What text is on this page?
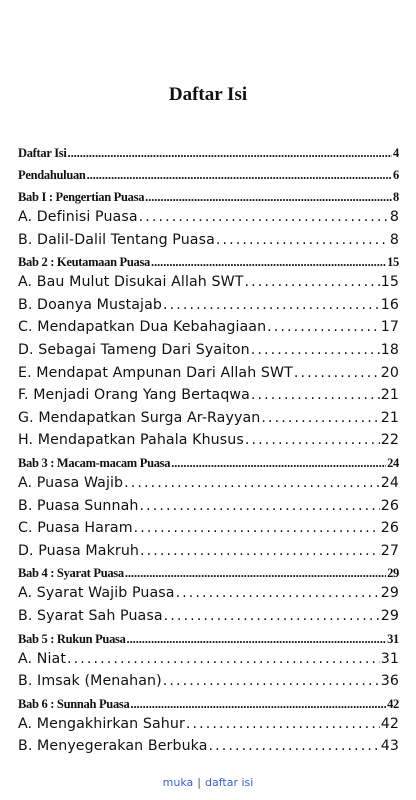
Daftar Isi
Daftar Isi . . .	4
Pendahuluan . . .	6
Bab I : Pengertian Puasa . . .	8
A. Definisi Puasa . . .	8
B. Dalil-Dalil Tentang Puasa . . .	8
Bab 2 : Keutamaan Puasa . . .	15
A. Bau Mulut Disukai Allah SWT . . .	15
B. Doanya Mustajab . . .	16
C. Mendapatkan Dua Kebahagiaan . . .	17
D. Sebagai Tameng Dari Syaiton . . .	18
E. Mendapat Ampunan Dari Allah SWT . . .	20
F. Menjadi Orang Yang Bertaqwa . . .	21
G. Mendapatkan Surga Ar-Rayyan . . .	21
H. Mendapatkan Pahala Khusus . . .	22
Bab 3 : Macam-macam Puasa . . .	24
A. Puasa Wajib . . .	24
B. Puasa Sunnah . . .	26
C. Puasa Haram . . .	26
D. Puasa Makruh . . .	27
Bab 4 : Syarat Puasa . . .	29
A. Syarat Wajib Puasa . . .	29
B. Syarat Sah Puasa . . .	29
Bab 5 : Rukun Puasa . . .	31
A. Niat . . .	31
B. Imsak (Menahan) . . .	36
Bab 6 : Sunnah Puasa . . .	42
A. Mengakhirkan Sahur . . .	42
B. Menyegerakan Berbuka . . .	43
muka | daftar isi
